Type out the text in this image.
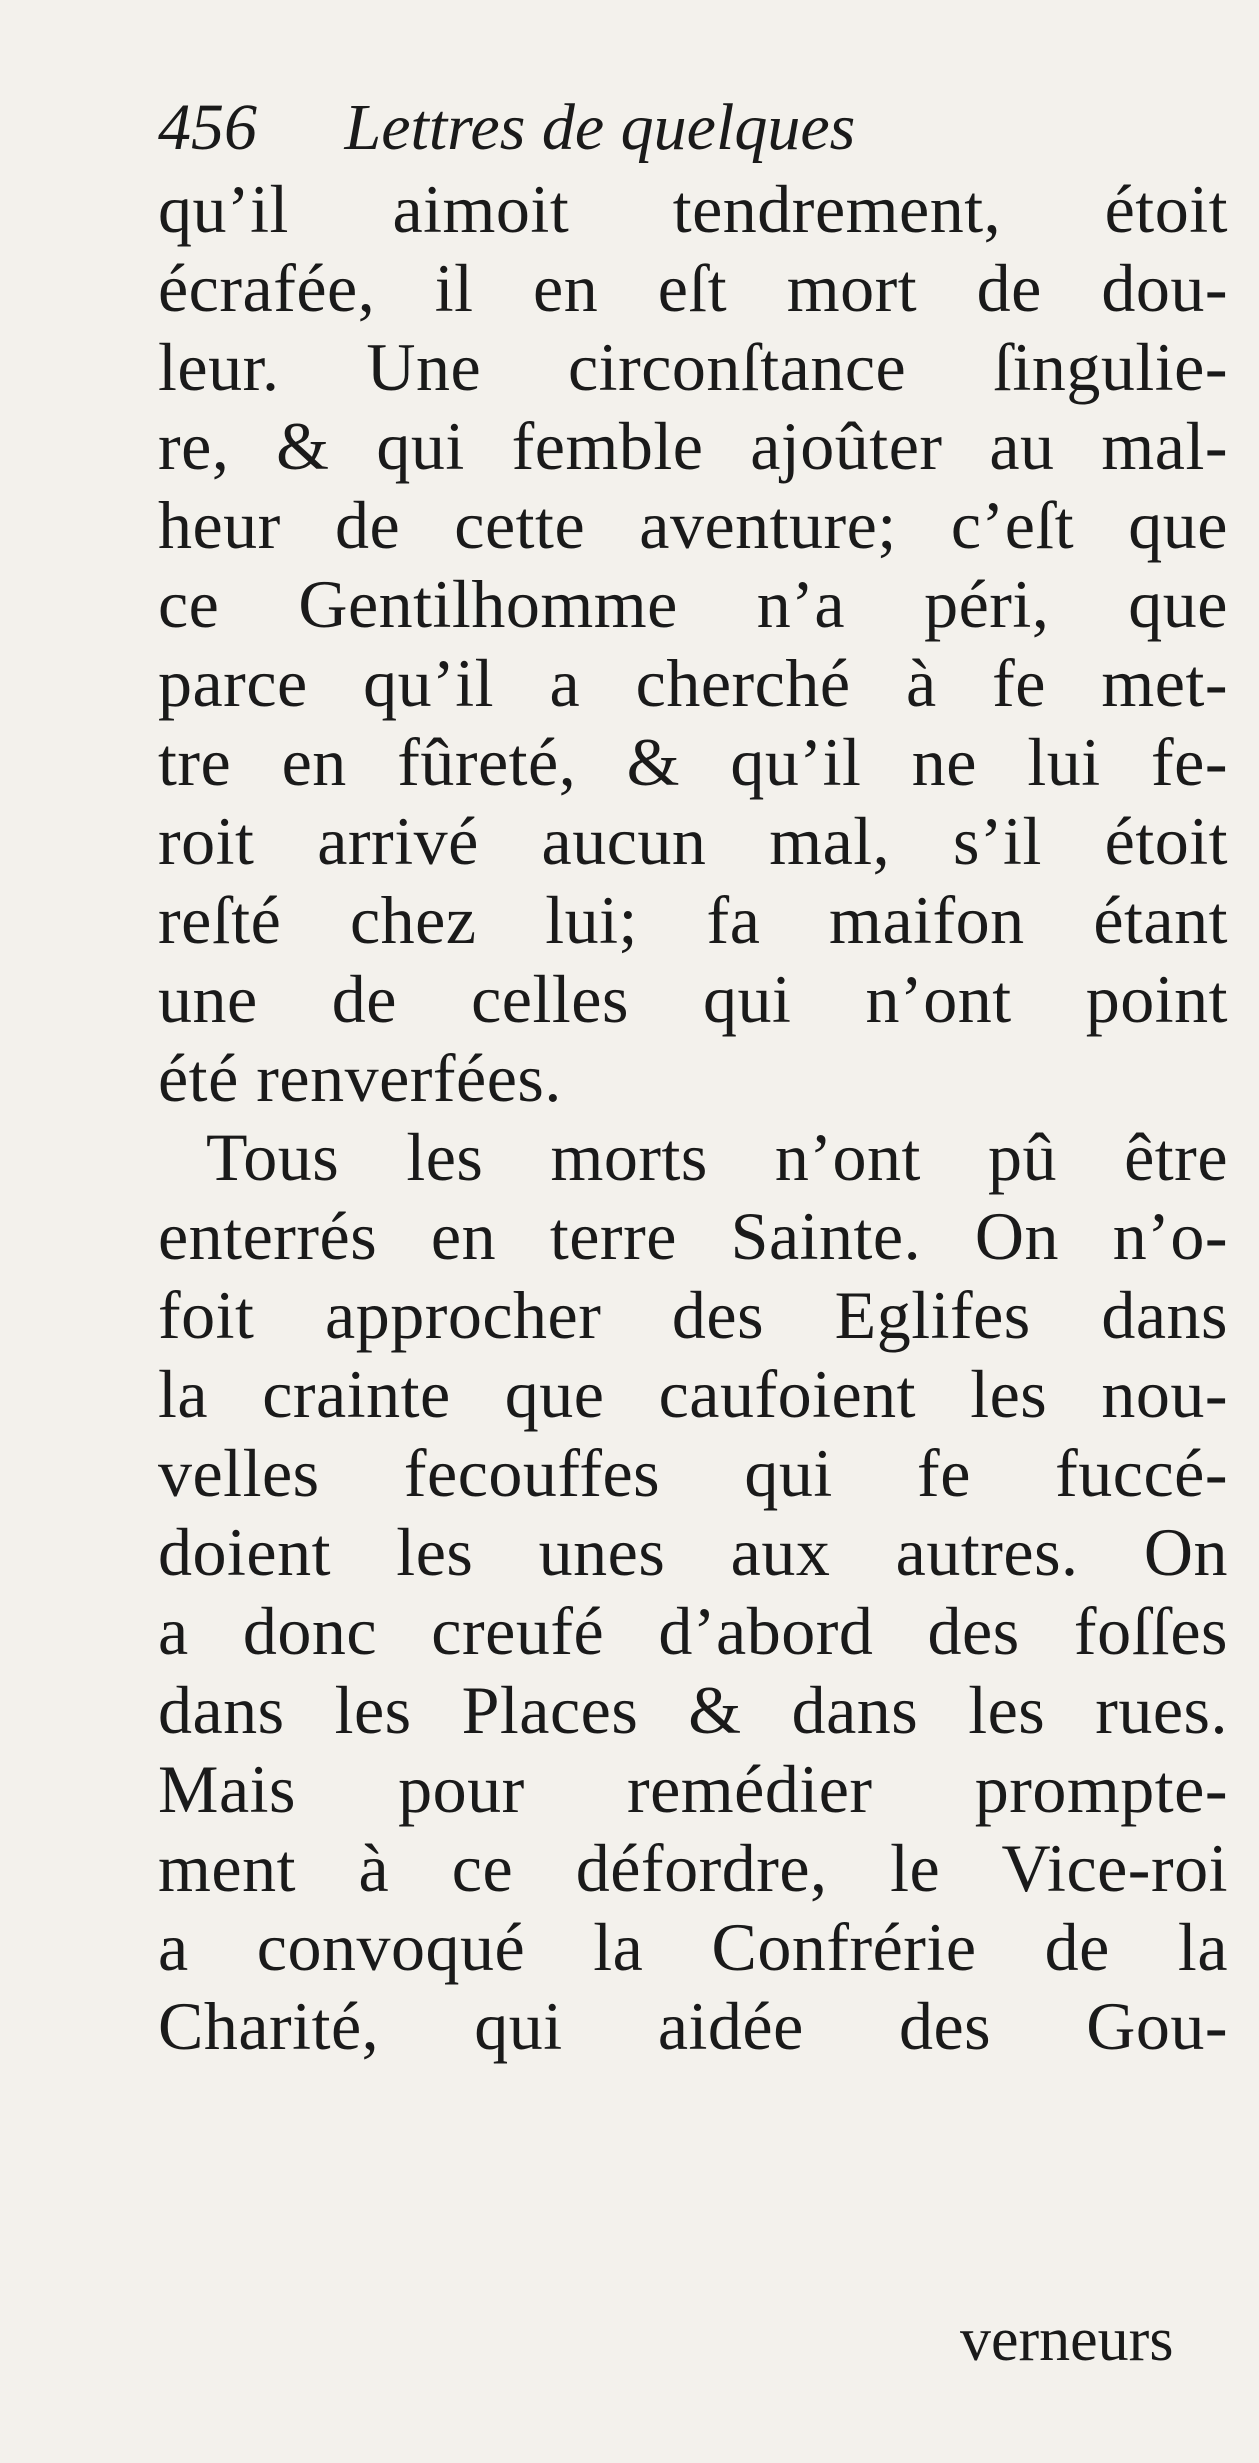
456 Lettres de quelques
qu’il aimoit tendrement, étoit
écrafée, il en eſt mort de dou-
leur. Une circonſtance ſingulie-
re, & qui femble ajoûter au mal-
heur de cette aventure; c’eſt que
ce Gentilhomme n’a péri, que
parce qu’il a cherché à fe met-
tre en fûreté, & qu’il ne lui fe-
roit arrivé aucun mal, s’il étoit
reſté chez lui; fa maifon étant
une de celles qui n’ont point
été renverfées.
Tous les morts n’ont pû être
enterrés en terre Sainte. On n’o-
foit approcher des Eglifes dans
la crainte que caufoient les nou-
velles fecouffes qui fe fuccé-
doient les unes aux autres. On
a donc creufé d’abord des foſſes
dans les Places & dans les rues.
Mais pour remédier prompte-
ment à ce défordre, le Vice-roi
a convoqué la Confrérie de la
Charité, qui aidée des Gou-
verneurs
